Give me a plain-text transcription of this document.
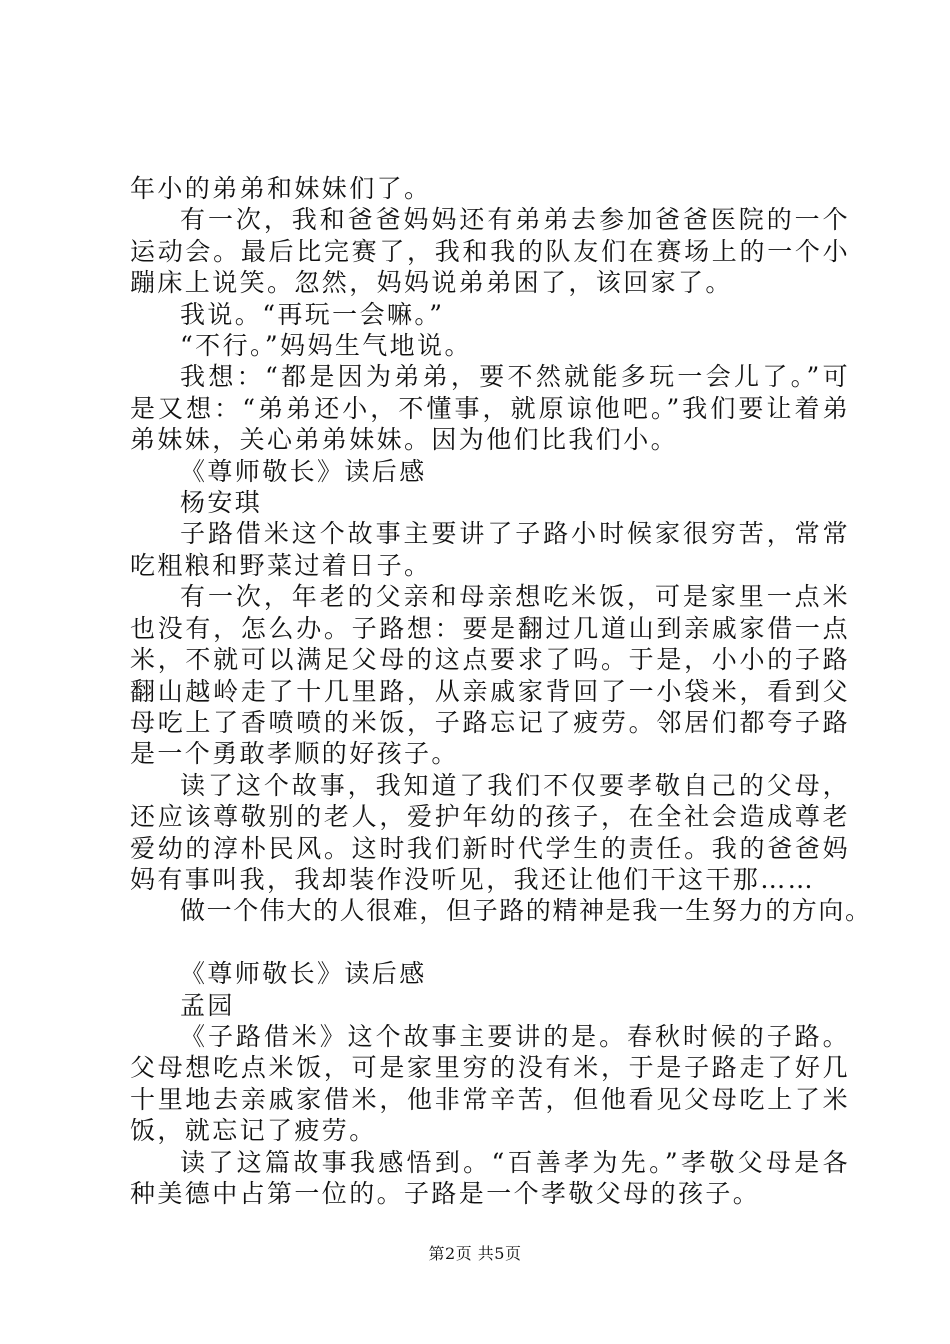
年小的弟弟和妹妹们了。

有一次，我和爸爸妈妈还有弟弟去参加爸爸医院的一个运动会。最后比完赛了，我和我的队友们在赛场上的一个小蹦床上说笑。忽然，妈妈说弟弟困了，该回家了。

我说。“再玩一会嘛。”

“不行。”妈妈生气地说。

我想：“都是因为弟弟，要不然就能多玩一会儿了。”可是又想：“弟弟还小，不懂事，就原谅他吧。”我们要让着弟弟妹妹，关心弟弟妹妹。因为他们比我们小。

《尊师敬长》读后感

杨安琪

子路借米这个故事主要讲了子路小时候家很穷苦，常常吃粗粮和野菜过着日子。

有一次，年老的父亲和母亲想吃米饭，可是家里一点米也没有，怎么办。子路想：要是翻过几道山到亲戚家借一点米，不就可以满足父母的这点要求了吗。于是，小小的子路翻山越岭走了十几里路，从亲戚家背回了一小袋米，看到父母吃上了香喷喷的米饭，子路忘记了疲劳。邻居们都夸子路是一个勇敢孝顺的好孩子。

读了这个故事，我知道了我们不仅要孝敬自己的父母，还应该尊敬别的老人，爱护年幼的孩子，在全社会造成尊老爱幼的淳朴民风。这时我们新时代学生的责任。我的爸爸妈妈有事叫我，我却装作没听见，我还让他们干这干那……

做一个伟大的人很难，但子路的精神是我一生努力的方向。

《尊师敬长》读后感

孟园

《子路借米》这个故事主要讲的是。春秋时候的子路。父母想吃点米饭，可是家里穷的没有米，于是子路走了好几十里地去亲戚家借米，他非常辛苦，但他看见父母吃上了米饭，就忘记了疲劳。

读了这篇故事我感悟到。“百善孝为先。”孝敬父母是各种美德中占第一位的。子路是一个孝敬父母的孩子。

第2页 共5页
